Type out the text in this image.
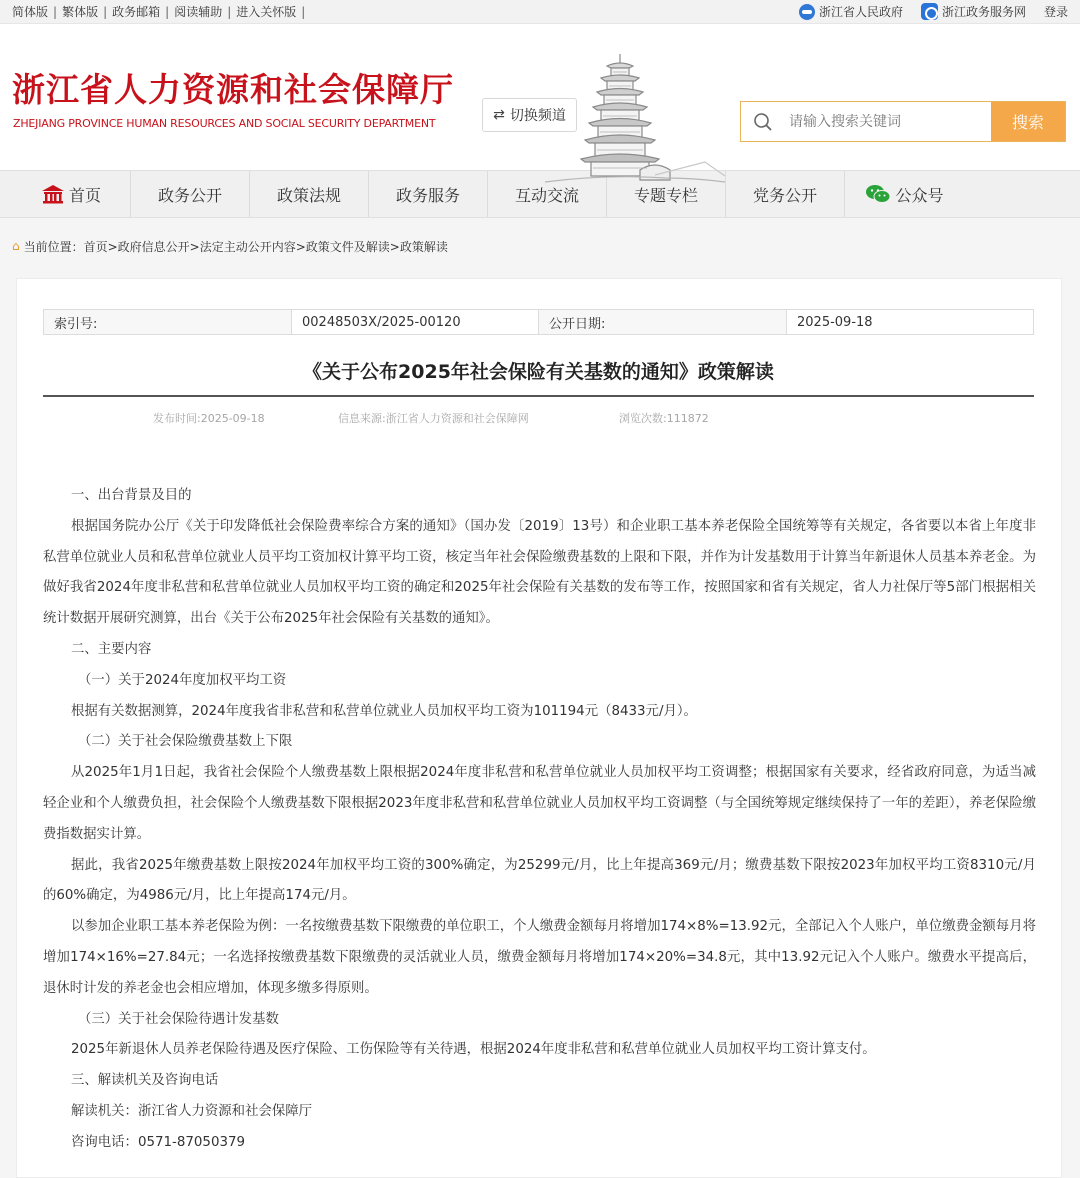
简体版 | 繁体版 | 政务邮箱 | 阅读辅助 | 进入关怀版 |	浙江省人民政府	浙江政务服务网 登录
浙江省人力资源和社会保障厅
ZHEJIANG PROVINCE HUMAN RESOURCES AND SOCIAL SECURITY DEPARTMENT
⇄ 切换频道
请输入搜索关键词	搜索
首页	政务公开	政策法规	政务服务	互动交流	专题专栏	党务公开	公众号
⌂ 当前位置：首页>政府信息公开>法定主动公开内容>政策文件及解读>政策解读
索引号:	00248503X/2025-00120	公开日期:	2025-09-18
《关于公布2025年社会保险有关基数的通知》政策解读
发布时间:2025-09-18	信息来源:浙江省人力资源和社会保障网	浏览次数:111872

一、出台背景及目的

根据国务院办公厅《关于印发降低社会保险费率综合方案的通知》（国办发〔2019〕13号）和企业职工基本养老保险全国统筹等有关规定，各省要以本省上年度非私营单位就业人员和私营单位就业人员平均工资加权计算平均工资，核定当年社会保险缴费基数的上限和下限，并作为计发基数用于计算当年新退休人员基本养老金。为做好我省2024年度非私营和私营单位就业人员加权平均工资的确定和2025年社会保险有关基数的发布等工作，按照国家和省有关规定，省人力社保厅等5部门根据相关统计数据开展研究测算，出台《关于公布2025年社会保险有关基数的通知》。

二、主要内容

（一）关于2024年度加权平均工资

根据有关数据测算，2024年度我省非私营和私营单位就业人员加权平均工资为101194元（8433元/月）。

（二）关于社会保险缴费基数上下限

从2025年1月1日起，我省社会保险个人缴费基数上限根据2024年度非私营和私营单位就业人员加权平均工资调整；根据国家有关要求，经省政府同意，为适当减轻企业和个人缴费负担，社会保险个人缴费基数下限根据2023年度非私营和私营单位就业人员加权平均工资调整（与全国统筹规定继续保持了一年的差距），养老保险缴费指数据实计算。

据此，我省2025年缴费基数上限按2024年加权平均工资的300%确定，为25299元/月，比上年提高369元/月；缴费基数下限按2023年加权平均工资8310元/月的60%确定，为4986元/月，比上年提高174元/月。

以参加企业职工基本养老保险为例：一名按缴费基数下限缴费的单位职工，个人缴费金额每月将增加174×8%=13.92元，全部记入个人账户，单位缴费金额每月将增加174×16%=27.84元；一名选择按缴费基数下限缴费的灵活就业人员，缴费金额每月将增加174×20%=34.8元，其中13.92元记入个人账户。缴费水平提高后，退休时计发的养老金也会相应增加，体现多缴多得原则。

（三）关于社会保险待遇计发基数

2025年新退休人员养老保险待遇及医疗保险、工伤保险等有关待遇，根据2024年度非私营和私营单位就业人员加权平均工资计算支付。

三、解读机关及咨询电话

解读机关：浙江省人力资源和社会保障厅

咨询电话：0571-87050379
